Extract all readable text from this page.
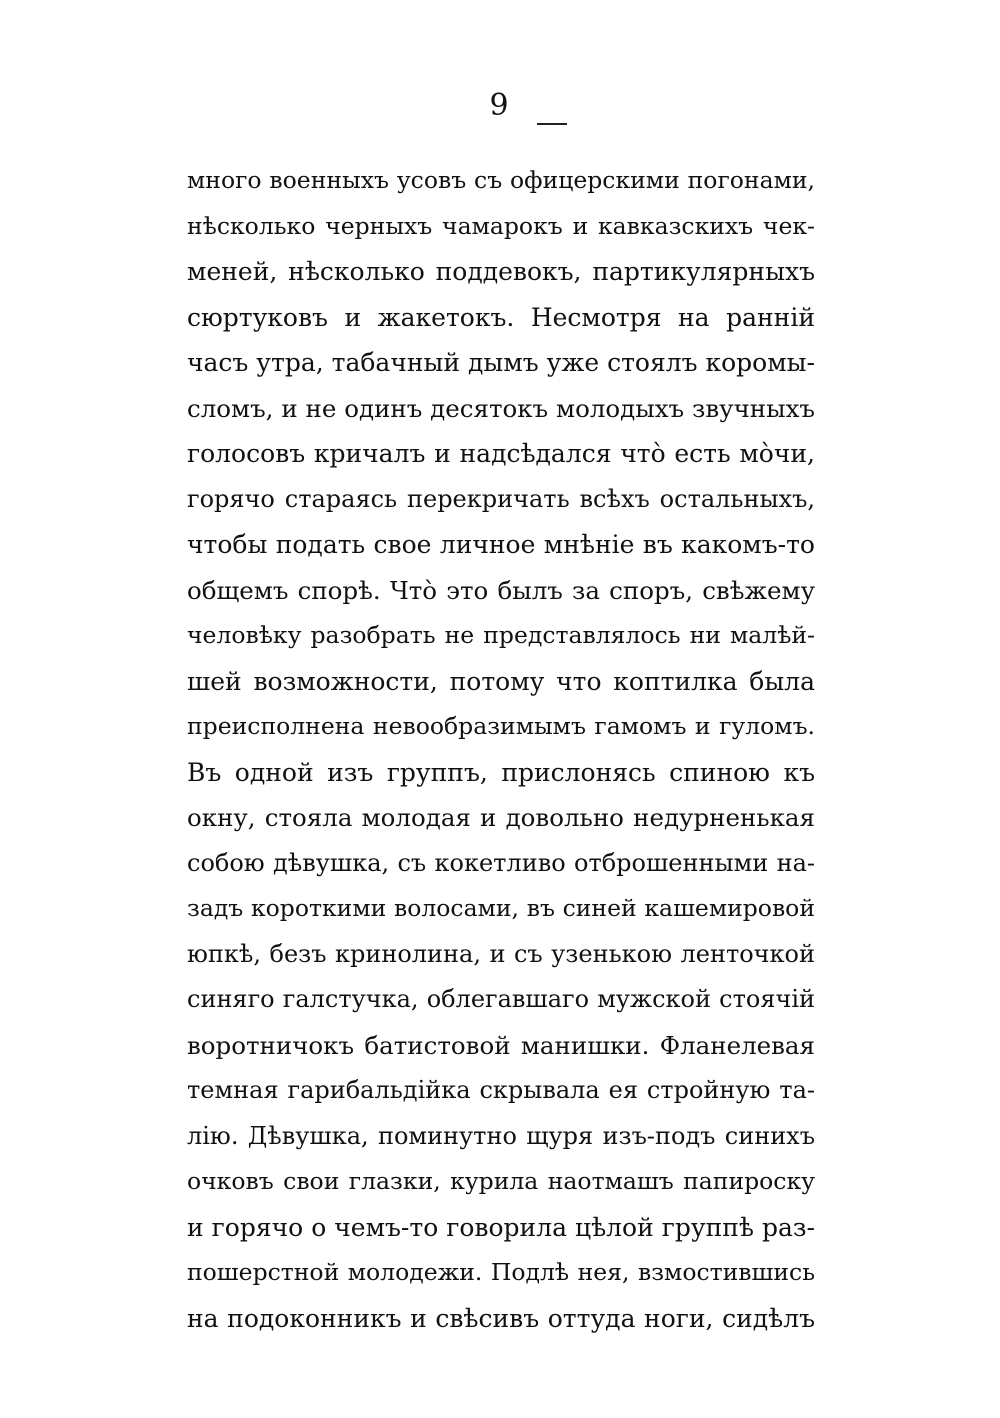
9
много военныхъ усовъ съ офицерскими погонами,
нѣсколько черныхъ чамарокъ и кавказскихъ чек-
меней, нѣсколько поддевокъ, партикулярныхъ
сюртуковъ и жакетокъ. Несмотря на ранній
часъ утра, табачный дымъ уже стоялъ коромы-
сломъ, и не одинъ десятокъ молодыхъ звучныхъ
голосовъ кричалъ и надсѣдался что̀ есть мо̀чи,
горячо стараясь перекричать всѣхъ остальныхъ,
чтобы подать свое личное мнѣніе въ какомъ-то
общемъ спорѣ. Что̀ это былъ за споръ, свѣжему
человѣку разобрать не представлялось ни малѣй-
шей возможности, потому что коптилка была
преисполнена невообразимымъ гамомъ и гуломъ.
Въ одной изъ группъ, прислонясь спиною къ
окну, стояла молодая и довольно недурненькая
собою дѣвушка, съ кокетливо отброшенными на-
задъ короткими волосами, въ синей кашемировой
юпкѣ, безъ кринолина, и съ узенькою ленточкой
синяго галстучка, облегавшаго мужской стоячій
воротничокъ батистовой манишки. Фланелевая
темная гарибальдійка скрывала ея стройную та-
лію. Дѣвушка, поминутно щуря изъ-подъ синихъ
очковъ свои глазки, курила наотмашъ папироску
и горячо о чемъ-то говорила цѣлой группѣ раз-
пошерстной молодежи. Подлѣ нея, взмостившись
на подоконникъ и свѣсивъ оттуда ноги, сидѣлъ
